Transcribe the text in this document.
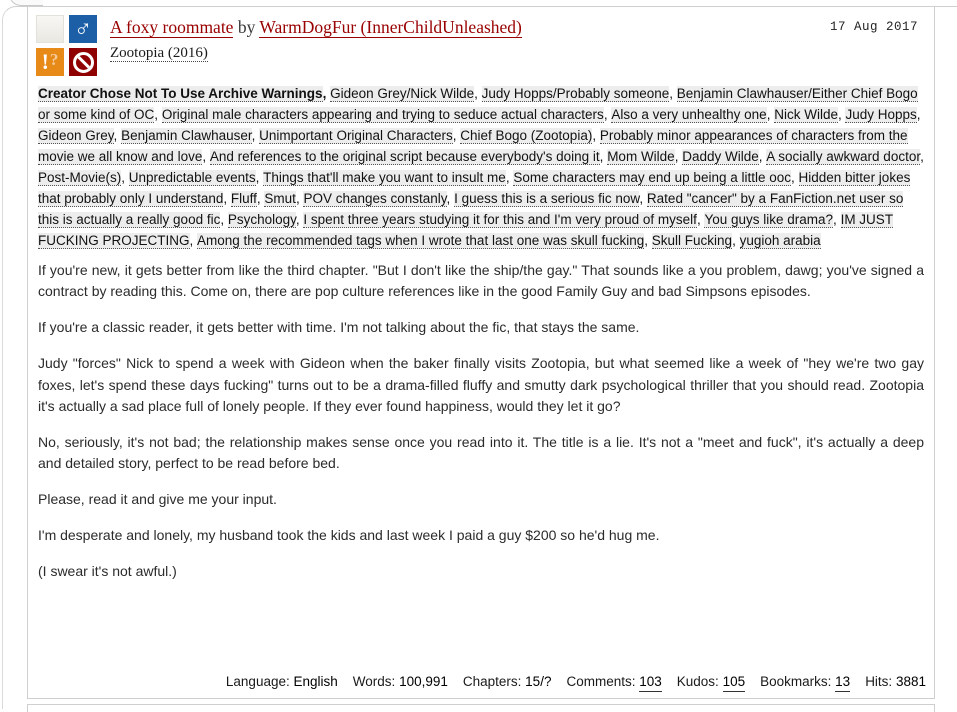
♂
! ?
A foxy roommate by WarmDogFur (InnerChildUnleashed)
Zootopia (2016)
17 Aug 2017
Creator Chose Not To Use Archive Warnings, Gideon Grey/Nick Wilde, Judy Hopps/Probably someone, Benjamin Clawhauser/Either Chief Bogo or some kind of OC, Original male characters appearing and trying to seduce actual characters, Also a very unhealthy one, Nick Wilde, Judy Hopps, Gideon Grey, Benjamin Clawhauser, Unimportant Original Characters, Chief Bogo (Zootopia), Probably minor appearances of characters from the movie we all know and love, And references to the original script because everybody's doing it, Mom Wilde, Daddy Wilde, A socially awkward doctor, Post-Movie(s), Unpredictable events, Things that'll make you want to insult me, Some characters may end up being a little ooc, Hidden bitter jokes that probably only I understand, Fluff, Smut, POV changes constanly, I guess this is a serious fic now, Rated "cancer" by a FanFiction.net user so this is actually a really good fic, Psychology, I spent three years studying it for this and I'm very proud of myself, You guys like drama?, IM JUST FUCKING PROJECTING, Among the recommended tags when I wrote that last one was skull fucking, Skull Fucking, yugioh arabia

If you're new, it gets better from like the third chapter. "But I don't like the ship/the gay." That sounds like a you problem, dawg; you've signed a contract by reading this. Come on, there are pop culture references like in the good Family Guy and bad Simpsons episodes.

If you're a classic reader, it gets better with time. I'm not talking about the fic, that stays the same.

Judy "forces" Nick to spend a week with Gideon when the baker finally visits Zootopia, but what seemed like a week of "hey we're two gay foxes, let's spend these days fucking" turns out to be a drama-filled fluffy and smutty dark psychological thriller that you should read. Zootopia it's actually a sad place full of lonely people. If they ever found happiness, would they let it go?

No, seriously, it's not bad; the relationship makes sense once you read into it. The title is a lie. It's not a "meet and fuck", it's actually a deep and detailed story, perfect to be read before bed.

Please, read it and give me your input.

I'm desperate and lonely, my husband took the kids and last week I paid a guy $200 so he'd hug me.

(I swear it's not awful.)

Language: English Words: 100,991 Chapters: 15/? Comments: 103 Kudos: 105 Bookmarks: 13 Hits: 3881
